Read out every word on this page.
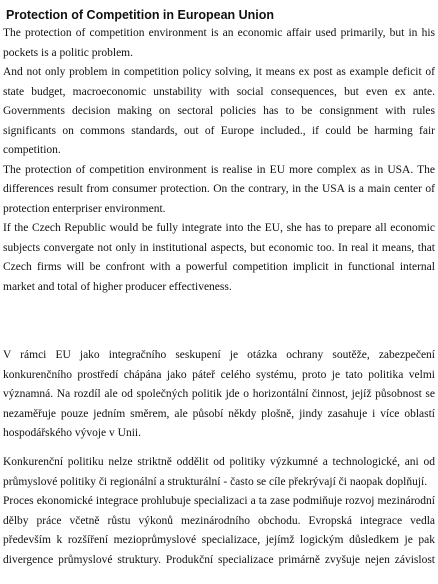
Protection of Competition in European Union
The protection of competition environment is an economic affair used primarily, but in his
pockets is a politic problem.
And not only problem in competition policy solving, it means ex post as example deficit of
state budget, macroeconomic unstability with social consequences, but even ex ante.
Governments decision making on sectoral policies has to be consignment with rules
significants on commons standards, out of Europe included., if could be harming fair
competition.
The protection of competition environment is realise in EU more complex as in USA. The
differences result from consumer protection. On the contrary, in the USA is a main center of
protection enterpriser environment.
If the Czech Republic would be fully integrate into the EU, she has to prepare all economic
subjects convergate not only in institutional aspects, but economic too. In real it means, that
Czech firms will be confront with a powerful competition implicit in functional internal
market and total of higher producer effectiveness.
V rámci EU jako integračního seskupení je otázka ochrany soutěže, zabezpečení
konkurenčního prostředí chápána jako páteř celého systému, proto je tato politika velmi
významná. Na rozdíl ale od společných politik jde o horizontální činnost, jejíž působnost se
nezaměřuje pouze jedním směrem, ale působí někdy plošně, jindy zasahuje i více oblastí
hospodářského vývoje v Unii.
Konkurenční politiku nelze striktně oddělit od politiky výzkumné a technologické, ani od
průmyslové politiky či regionální a strukturální - často se cíle překrývají či naopak doplňují.
Proces ekonomické integrace prohlubuje specializaci a ta zase podmiňuje rozvoj mezinárodní
dělby práce včetně růstu výkonů mezinárodního obchodu. Evropská integrace vedla
především k rozšíření mezioprůmyslové specializace, jejímž logickým důsledkem je pak
divergence průmyslové struktury. Produkční specializace primárně zvyšuje nejen závislost
